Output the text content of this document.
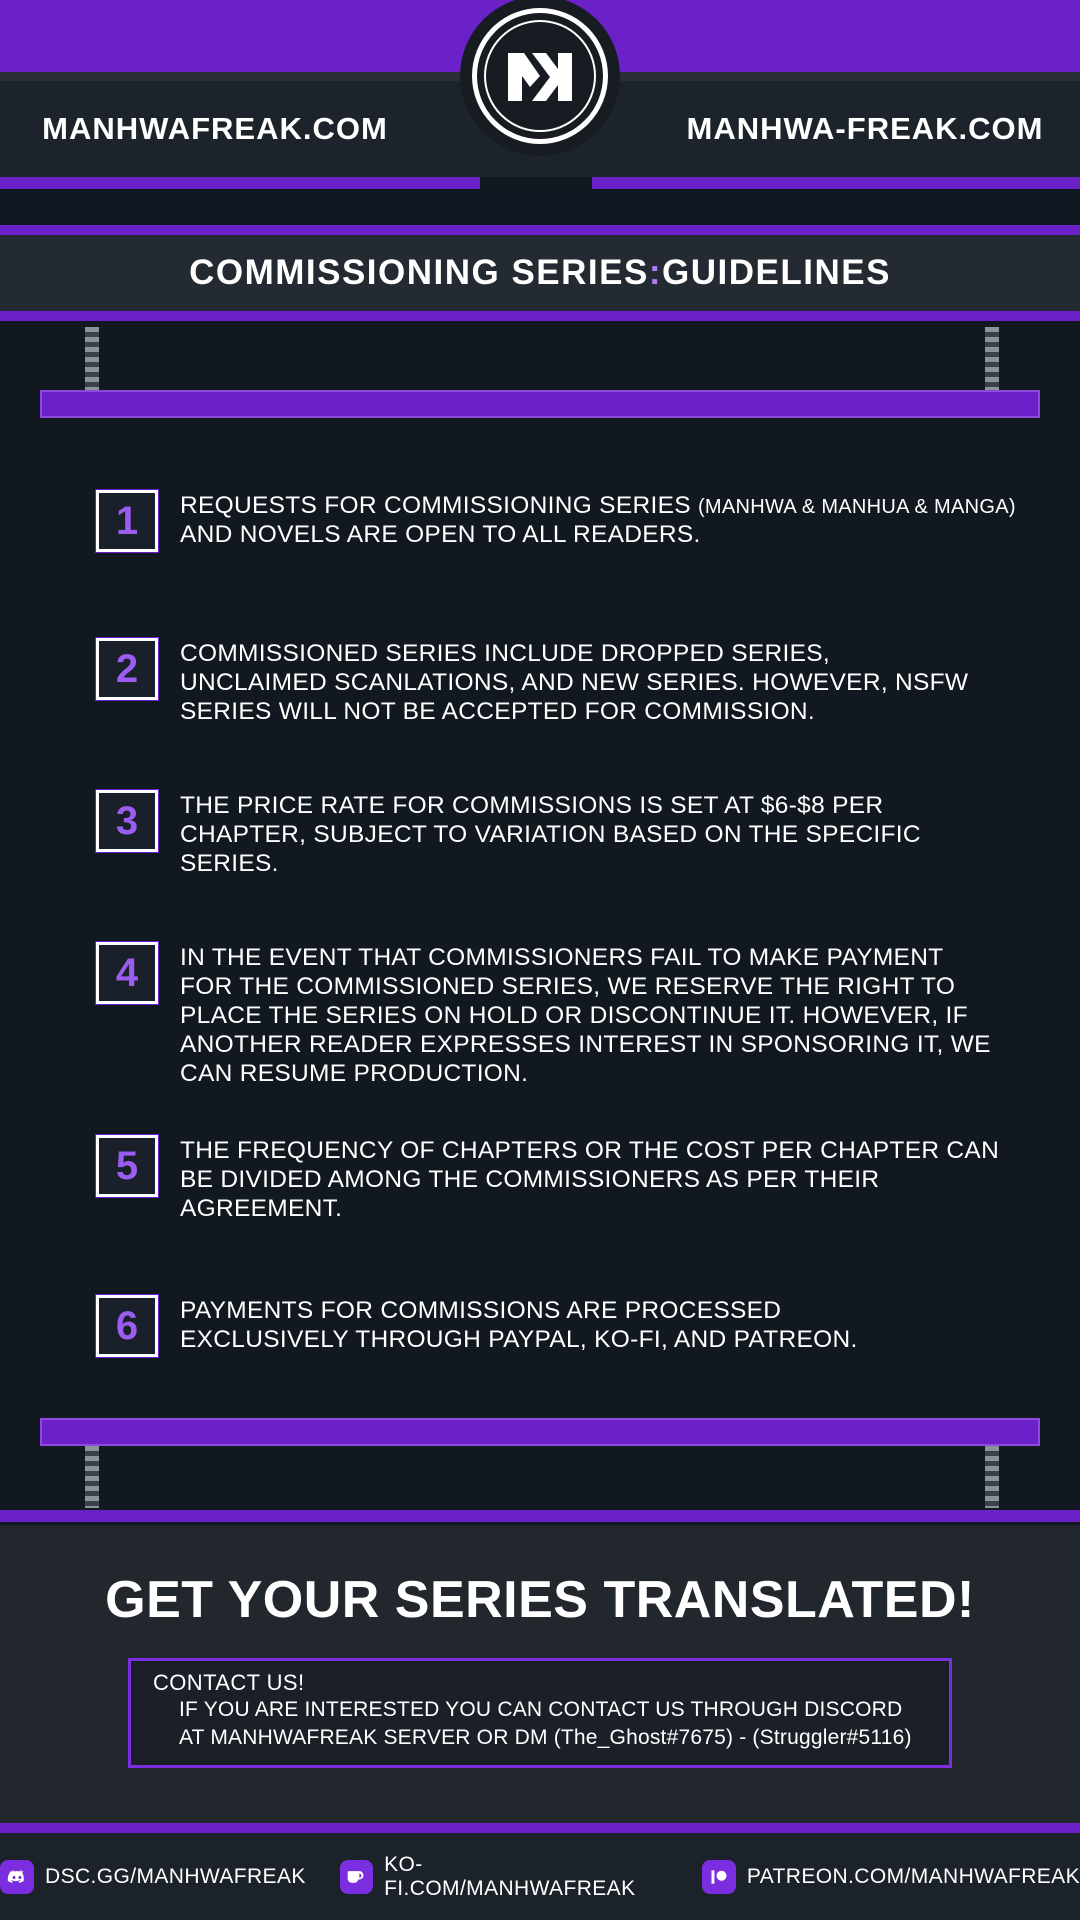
MANHWAFREAK.COM	MANHWA-FREAK.COM
COMMISSIONING SERIES:GUIDELINES
1	REQUESTS FOR COMMISSIONING SERIES (MANHWA & MANHUA & MANGA) AND NOVELS ARE OPEN TO ALL READERS.
2	COMMISSIONED SERIES INCLUDE DROPPED SERIES, UNCLAIMED SCANLATIONS, AND NEW SERIES. HOWEVER, NSFW SERIES WILL NOT BE ACCEPTED FOR COMMISSION.
3	THE PRICE RATE FOR COMMISSIONS IS SET AT $6-$8 PER CHAPTER, SUBJECT TO VARIATION BASED ON THE SPECIFIC SERIES.
4	IN THE EVENT THAT COMMISSIONERS FAIL TO MAKE PAYMENT FOR THE COMMISSIONED SERIES, WE RESERVE THE RIGHT TO PLACE THE SERIES ON HOLD OR DISCONTINUE IT. HOWEVER, IF ANOTHER READER EXPRESSES INTEREST IN SPONSORING IT, WE CAN RESUME PRODUCTION.
5	THE FREQUENCY OF CHAPTERS OR THE COST PER CHAPTER CAN BE DIVIDED AMONG THE COMMISSIONERS AS PER THEIR AGREEMENT.
6	PAYMENTS FOR COMMISSIONS ARE PROCESSED EXCLUSIVELY THROUGH PAYPAL, KO-FI, AND PATREON.
GET YOUR SERIES TRANSLATED!
CONTACT US!
IF YOU ARE INTERESTED YOU CAN CONTACT US THROUGH DISCORD
AT MANHWAFREAK SERVER OR DM (The_Ghost#7675) - (Struggler#5116)
DSC.GG/MANHWAFREAK
KO-FI.COM/MANHWAFREAK
PATREON.COM/MANHWAFREAK
